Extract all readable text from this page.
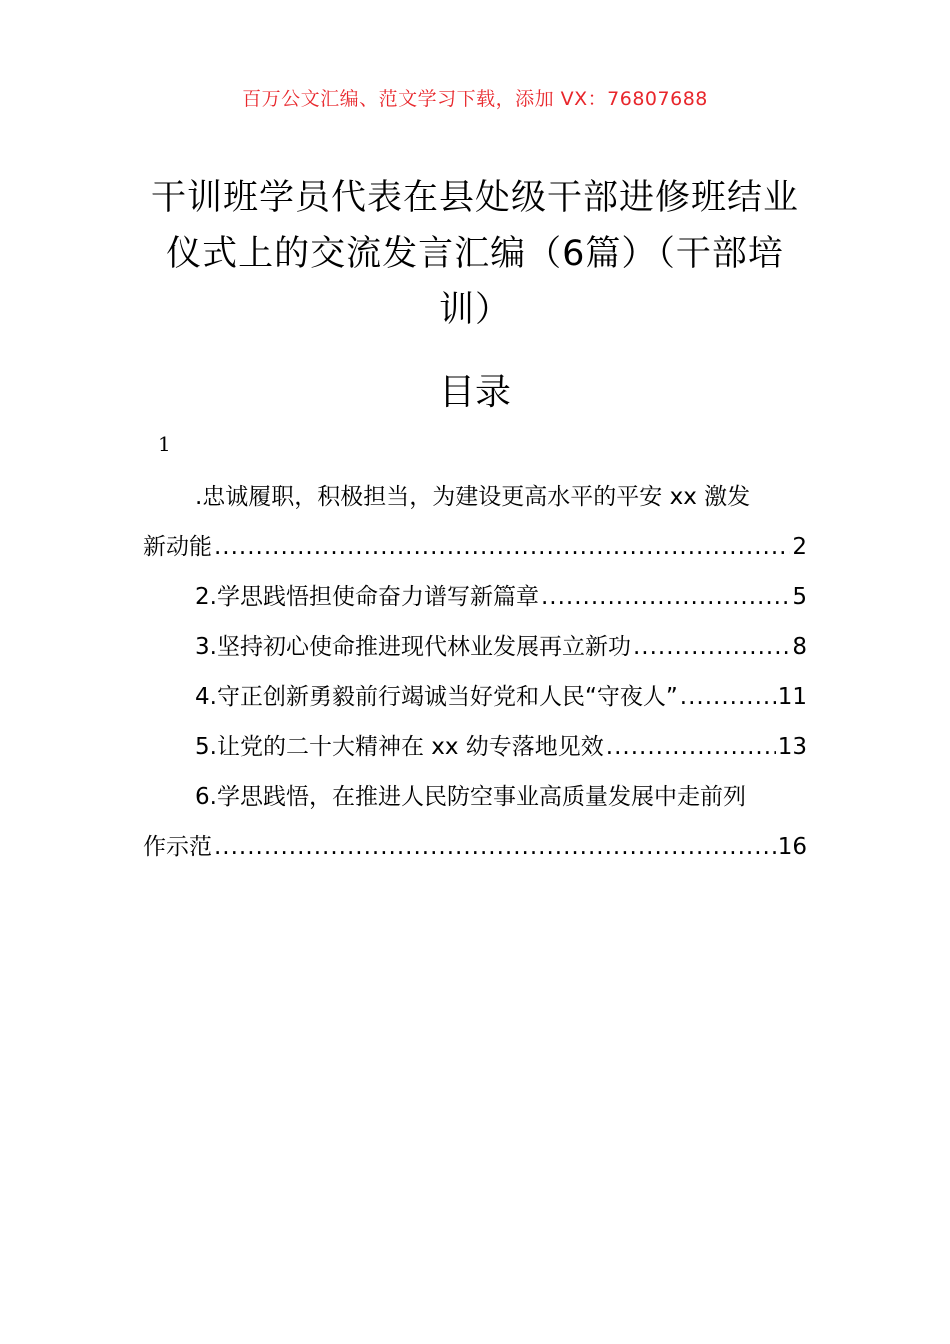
百万公文汇编、范文学习下载，添加 VX：76807688
干训班学员代表在县处级干部进修班结业
仪式上的交流发言汇编（6篇）（干部培
训）
目录
1
.忠诚履职，积极担当，为建设更高水平的平安 xx 激发
新动能 .....	2
2.学思践悟担使命奋力谱写新篇章 .....	5
3.坚持初心使命推进现代林业发展再立新功 .....	8
4.守正创新勇毅前行竭诚当好党和人民“守夜人” .....	11
5.让党的二十大精神在 xx 幼专落地见效 .....	13
6.学思践悟，在推进人民防空事业高质量发展中走前列
作示范 .....	16
